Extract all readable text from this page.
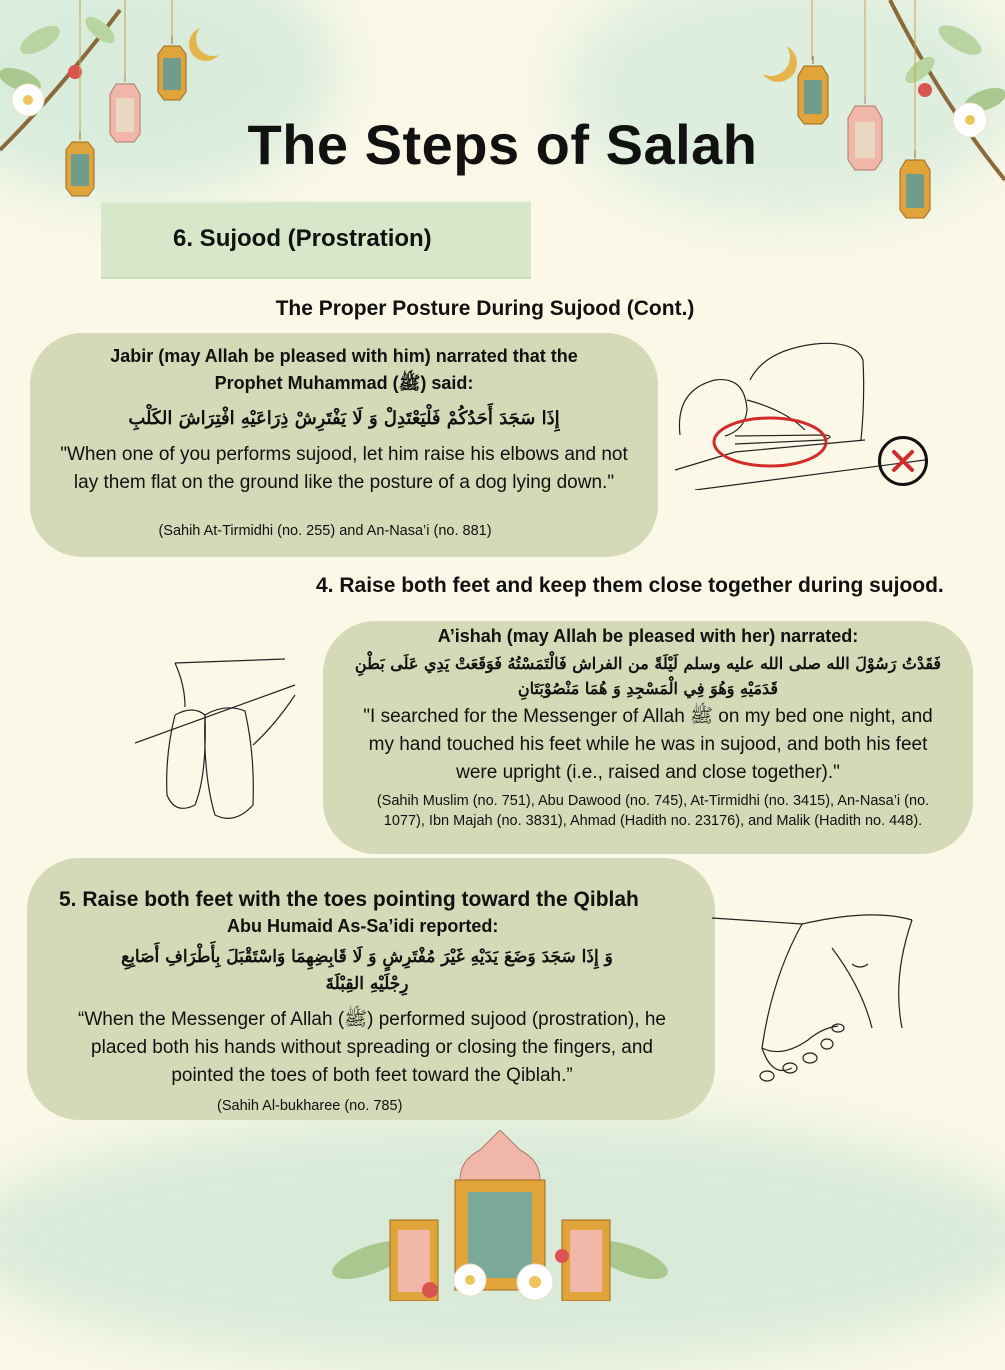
The Steps of Salah
6. Sujood (Prostration)
The Proper Posture During Sujood (Cont.)
Jabir (may Allah be pleased with him) narrated that the Prophet Muhammad (ﷺ) said:
إِذَا سَجَدَ أَحَدُكُمْ فَلْيَعْتَدِلْ وَ لَا يَفْتَرِشْ ذِرَاعَيْهِ افْتِرَاشَ الكَلْبِ
"When one of you performs sujood, let him raise his elbows and not lay them flat on the ground like the posture of a dog lying down."
(Sahih At-Tirmidhi (no. 255) and An-Nasa’i (no. 881)
4. Raise both feet and keep them close together during sujood.
A’ishah (may Allah be pleased with her) narrated:
فَقَدْتُ رَسُوْلَ الله صلى الله عليه وسلم لَيْلَةً من الفراش فَالْتَمَسْتُهُ فَوَقَعَتْ يَدِي عَلَى بَطْنِ قَدَمَيْهِ وَهُوَ فِي الْمَسْجِدِ وَ هُمَا مَنْصُوْبَتَانِ
"I searched for the Messenger of Allah ﷺ on my bed one night, and my hand touched his feet while he was in sujood, and both his feet were upright (i.e., raised and close together)."
(Sahih Muslim (no. 751), Abu Dawood (no. 745), At-Tirmidhi (no. 3415), An-Nasa’i (no. 1077), Ibn Majah (no. 3831), Ahmad (Hadith no. 23176), and Malik (Hadith no. 448).
5. Raise both feet with the toes pointing toward the Qiblah
Abu Humaid As-Sa’idi reported:
وَ إِذَا سَجَدَ وَضَعَ يَدَيْهِ غَيْرَ مُفْتَرِشٍ وَ لَا قَابِضِهِمَا وَاسْتَقْبَلَ بِأَطْرَافِ أَصَابِعِ رِجْلَيْهِ القِبْلَةَ
“When the Messenger of Allah (ﷺ) performed sujood (prostration), he placed both his hands without spreading or closing the fingers, and pointed the toes of both feet toward the Qiblah.”
(Sahih Al-bukharee (no. 785)
